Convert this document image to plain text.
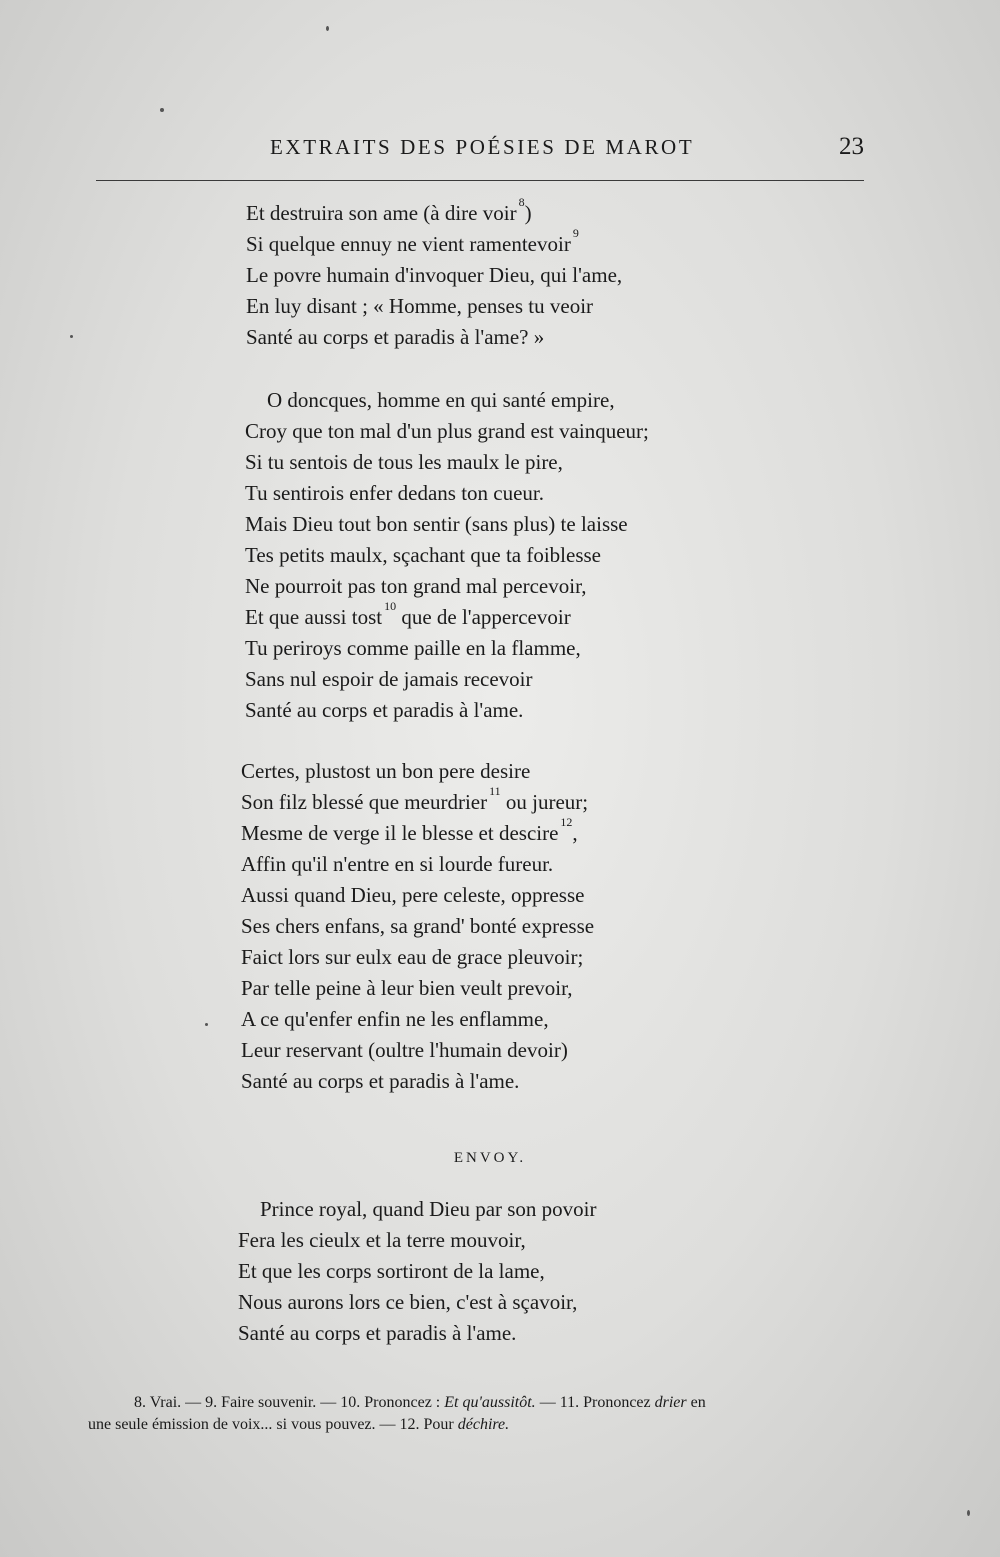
EXTRAITS DES POÉSIES DE MAROT	23
Et destruira son ame (à dire voir $^8$)
Si quelque ennuy ne vient ramentevoir $^9$
Le povre humain d'invoquer Dieu, qui l'ame,
En luy disant ; « Homme, penses tu veoir
Santé au corps et paradis à l'ame? »
O doncques, homme en qui santé empire,
Croy que ton mal d'un plus grand est vainqueur;
Si tu sentois de tous les maulx le pire,
Tu sentirois enfer dedans ton cueur.
Mais Dieu tout bon sentir (sans plus) te laisse
Tes petits maulx, sçachant que ta foiblesse
Ne pourroit pas ton grand mal percevoir,
Et que aussi tost $^{10}$ que de l'appercevoir
Tu periroys comme paille en la flamme,
Sans nul espoir de jamais recevoir
Santé au corps et paradis à l'ame.
Certes, plustost un bon pere desire
Son filz blessé que meurdrier $^{11}$ ou jureur;
Mesme de verge il le blesse et descire $^{12}$,
Affin qu'il n'entre en si lourde fureur.
Aussi quand Dieu, pere celeste, oppresse
Ses chers enfans, sa grand' bonté expresse
Faict lors sur eulx eau de grace pleuvoir;
Par telle peine à leur bien veult prevoir,
A ce qu'enfer enfin ne les enflamme,
Leur reservant (oultre l'humain devoir)
Santé au corps et paradis à l'ame.
ENVOY.
Prince royal, quand Dieu par son povoir
Fera les cieulx et la terre mouvoir,
Et que les corps sortiront de la lame,
Nous aurons lors ce bien, c'est à sçavoir,
Santé au corps et paradis à l'ame.
8. Vrai. — 9. Faire souvenir. — 10. Prononcez : Et qu'aussitôt. — 11. Prononcez drier en
une seule émission de voix... si vous pouvez. — 12. Pour déchire.
